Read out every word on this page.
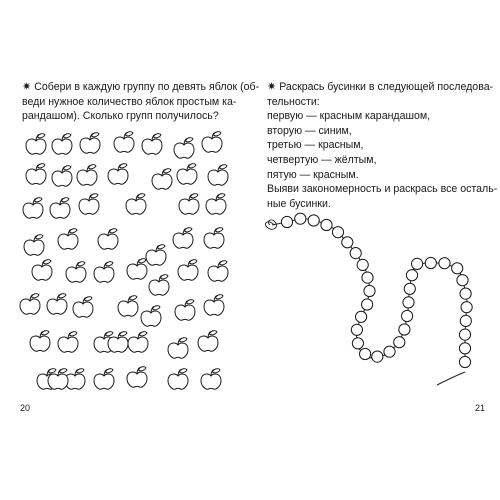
✷ Собери в каждую группу по девять яблок (об-

веди нужное количество яблок простым ка-

рандашом). Сколько групп получилось?

20

✷ Раскрась бусинки в следующей последова-

тельности:

первую — красным карандашом,

вторую — синим,

третью — красным,

четвертую — жёлтым,

пятую — красным.

Выяви закономерность и раскрась все осталь-

ные бусинки.

21
